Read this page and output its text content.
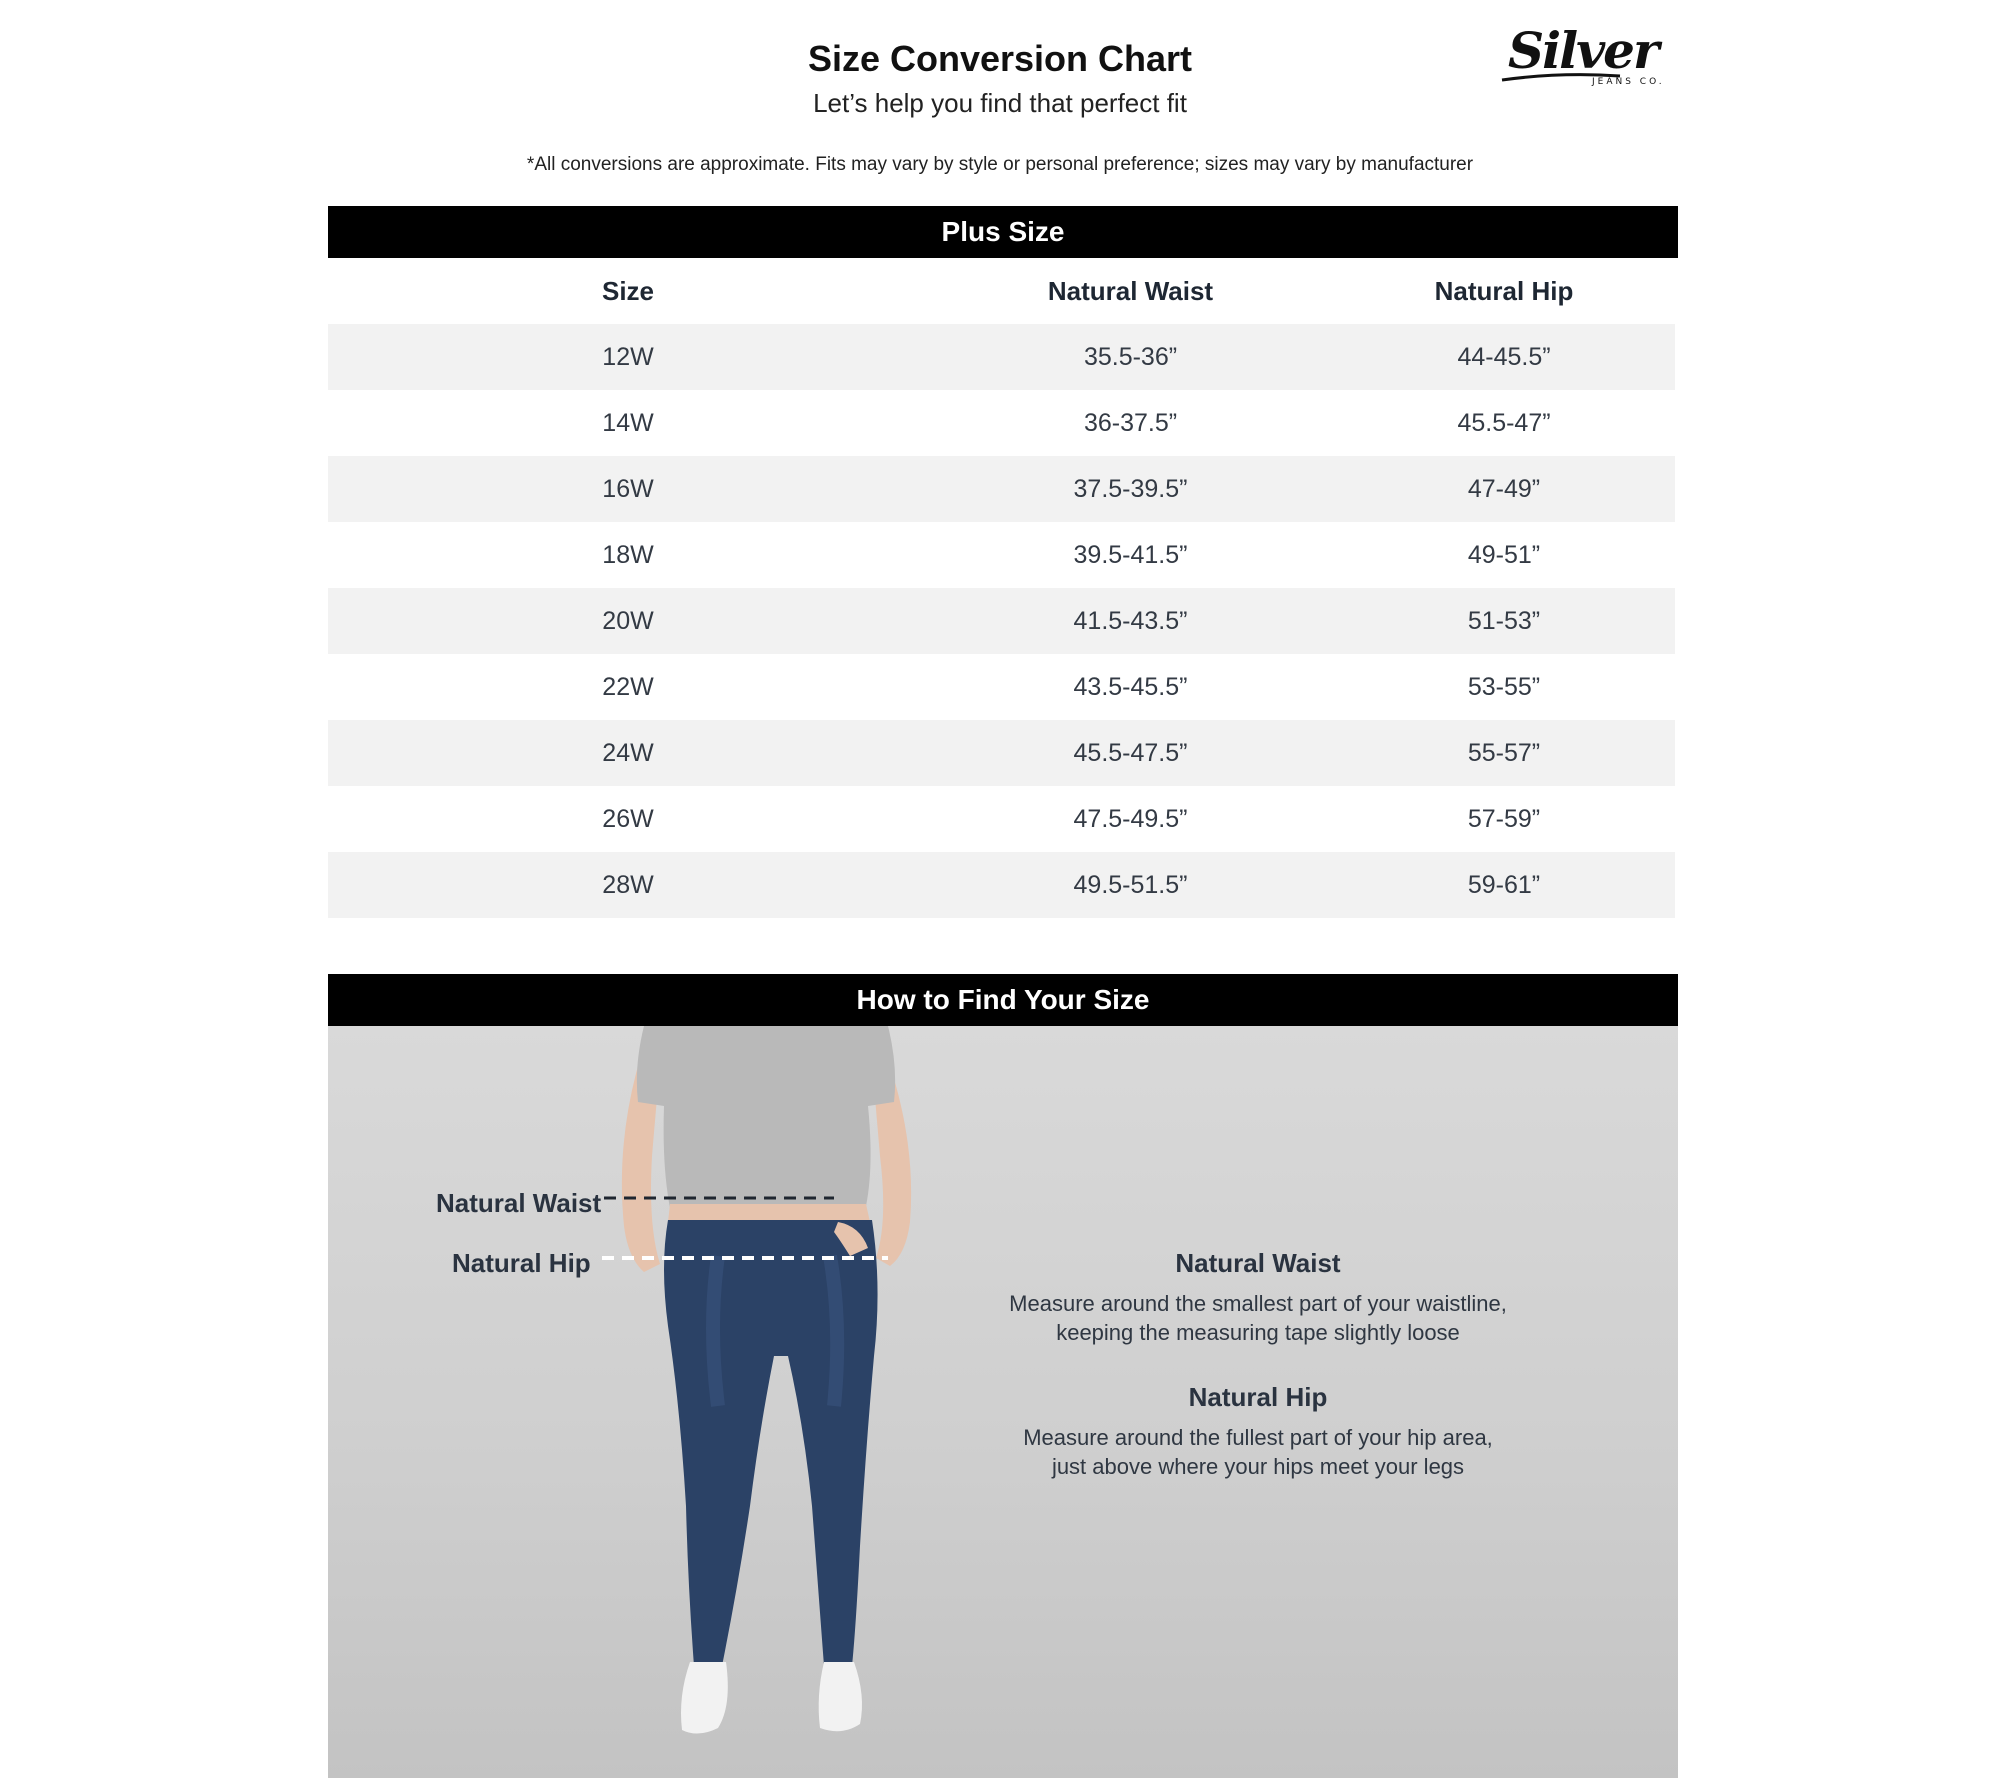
Size Conversion Chart
Let’s help you find that perfect fit
*All conversions are approximate. Fits may vary by style or personal preference; sizes may vary by manufacturer
Silver
JEANS CO.
Plus Size
Size	Natural Waist	Natural Hip
12W	35.5-36”	44-45.5”
14W	36-37.5”	45.5-47”
16W	37.5-39.5”	47-49”
18W	39.5-41.5”	49-51”
20W	41.5-43.5”	51-53”
22W	43.5-45.5”	53-55”
24W	45.5-47.5”	55-57”
26W	47.5-49.5”	57-59”
28W	49.5-51.5”	59-61”
How to Find Your Size
Natural Waist
Natural Hip	Natural Waist
Measure around the smallest part of your waistline,
keeping the measuring tape slightly loose
Natural Hip
Measure around the fullest part of your hip area,
just above where your hips meet your legs
